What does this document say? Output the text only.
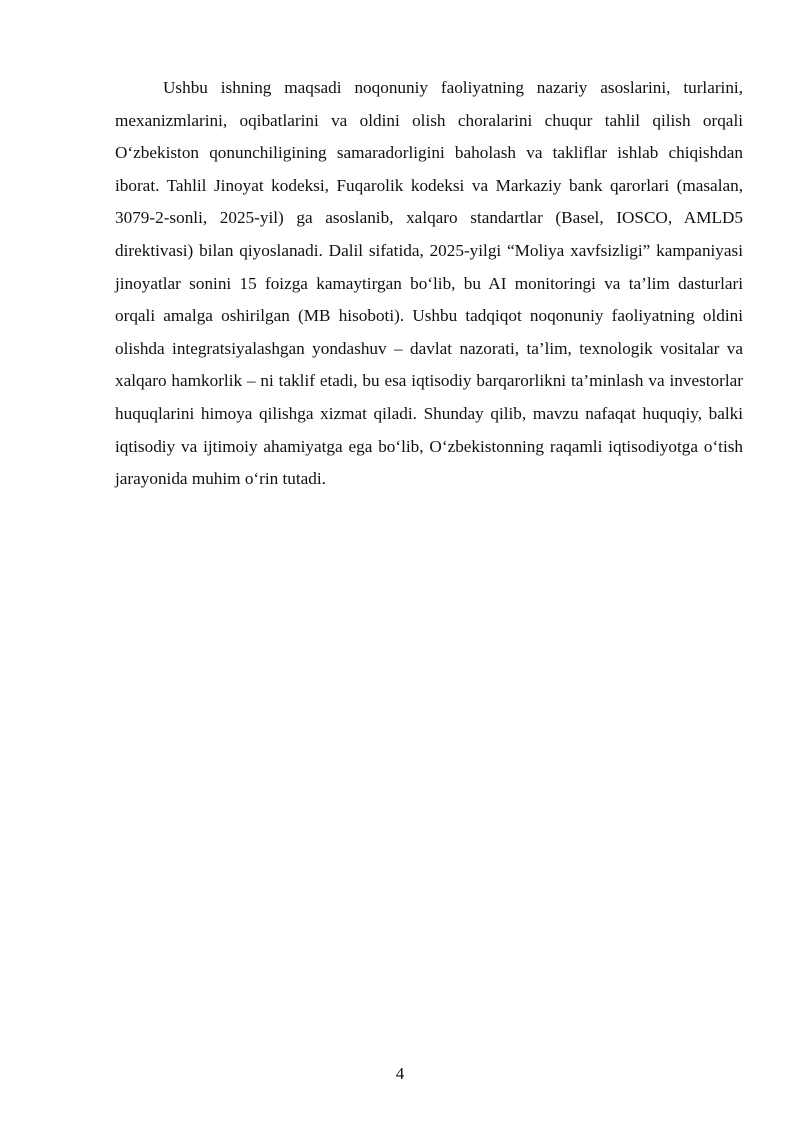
Ushbu ishning maqsadi noqonuniy faoliyatning nazariy asoslarini, turlarini, mexanizmlarini, oqibatlarini va oldini olish choralarini chuqur tahlil qilish orqali O‘zbekiston qonunchiligining samaradorligini baholash va takliflar ishlab chiqishdan iborat. Tahlil Jinoyat kodeksi, Fuqarolik kodeksi va Markaziy bank qarorlari (masalan, 3079-2-sonli, 2025-yil) ga asoslanib, xalqaro standartlar (Basel, IOSCO, AMLD5 direktivasi) bilan qiyoslanadi. Dalil sifatida, 2025-yilgi “Moliya xavfsizligi” kampaniyasi jinoyatlar sonini 15 foizga kamaytirgan bo‘lib, bu AI monitoringi va ta’lim dasturlari orqali amalga oshirilgan (MB hisoboti). Ushbu tadqiqot noqonuniy faoliyatning oldini olishda integratsiyalashgan yondashuv – davlat nazorati, ta’lim, texnologik vositalar va xalqaro hamkorlik – ni taklif etadi, bu esa iqtisodiy barqarorlikni ta’minlash va investorlar huquqlarini himoya qilishga xizmat qiladi. Shunday qilib, mavzu nafaqat huquqiy, balki iqtisodiy va ijtimoiy ahamiyatga ega bo‘lib, O‘zbekistonning raqamli iqtisodiyotga o‘tish jarayonida muhim o‘rin tutadi.

4
